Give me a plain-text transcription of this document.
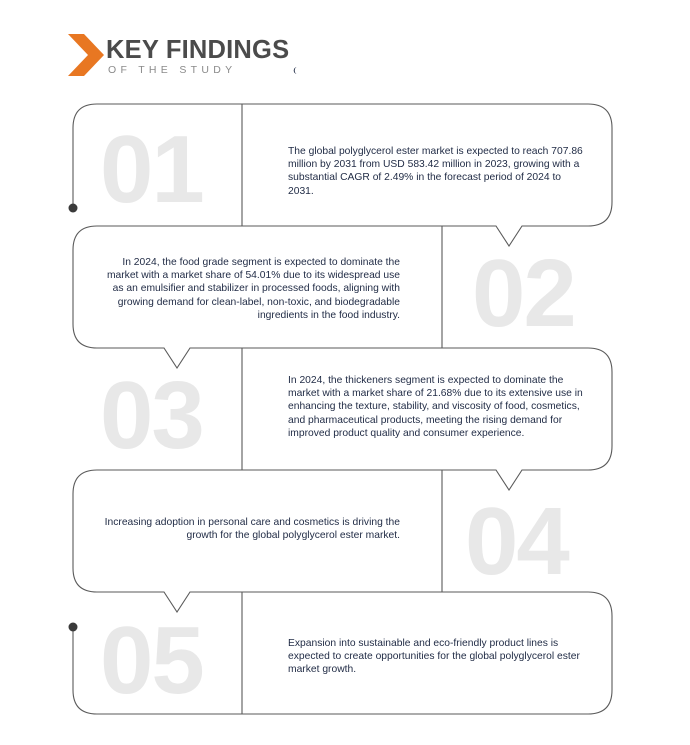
KEY FINDINGS
OF THE STUDY
01	The global polyglycerol ester market is expected to reach 707.86 million by 2031 from USD 583.42 million in 2023, growing with a substantial CAGR of 2.49% in the forecast period of 2024 to 2031.
In 2024, the food grade segment is expected to dominate the market with a market share of 54.01% due to its widespread use as an emulsifier and stabilizer in processed foods, aligning with growing demand for clean-label, non-toxic, and biodegradable ingredients in the food industry. 02
03	In 2024, the thickeners segment is expected to dominate the market with a market share of 21.68% due to its extensive use in enhancing the texture, stability, and viscosity of food, cosmetics, and pharmaceutical products, meeting the rising demand for improved product quality and consumer experience.
Increasing adoption in personal care and cosmetics is driving the growth for the global polyglycerol ester market. 04
05	Expansion into sustainable and eco-friendly product lines is expected to create opportunities for the global polyglycerol ester market growth.
